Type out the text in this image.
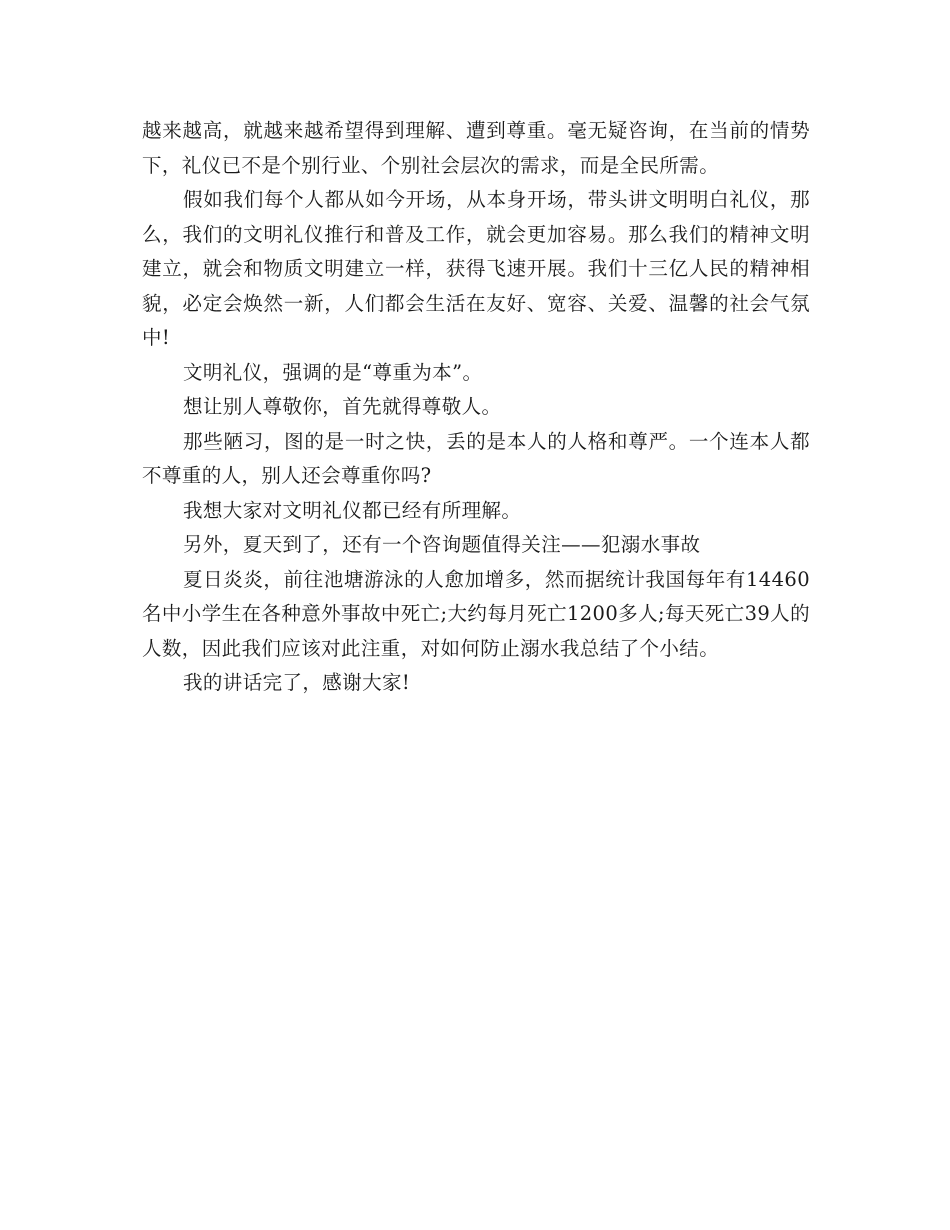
越来越高，就越来越希望得到理解、遭到尊重。毫无疑咨询，在当前的情势下，礼仪已不是个别行业、个别社会层次的需求，而是全民所需。

假如我们每个人都从如今开场，从本身开场，带头讲文明明白礼仪，那么，我们的文明礼仪推行和普及工作，就会更加容易。那么我们的精神文明建立，就会和物质文明建立一样，获得飞速开展。我们十三亿人民的精神相貌，必定会焕然一新，人们都会生活在友好、宽容、关爱、温馨的社会气氛中!

文明礼仪，强调的是“尊重为本”。

想让别人尊敬你，首先就得尊敬人。

那些陋习，图的是一时之快，丢的是本人的人格和尊严。一个连本人都不尊重的人，别人还会尊重你吗?

我想大家对文明礼仪都已经有所理解。

另外，夏天到了，还有一个咨询题值得关注——犯溺水事故

夏日炎炎，前往池塘游泳的人愈加增多，然而据统计我国每年有14460名中小学生在各种意外事故中死亡;大约每月死亡1200多人;每天死亡39人的人数，因此我们应该对此注重，对如何防止溺水我总结了个小结。

我的讲话完了，感谢大家!
